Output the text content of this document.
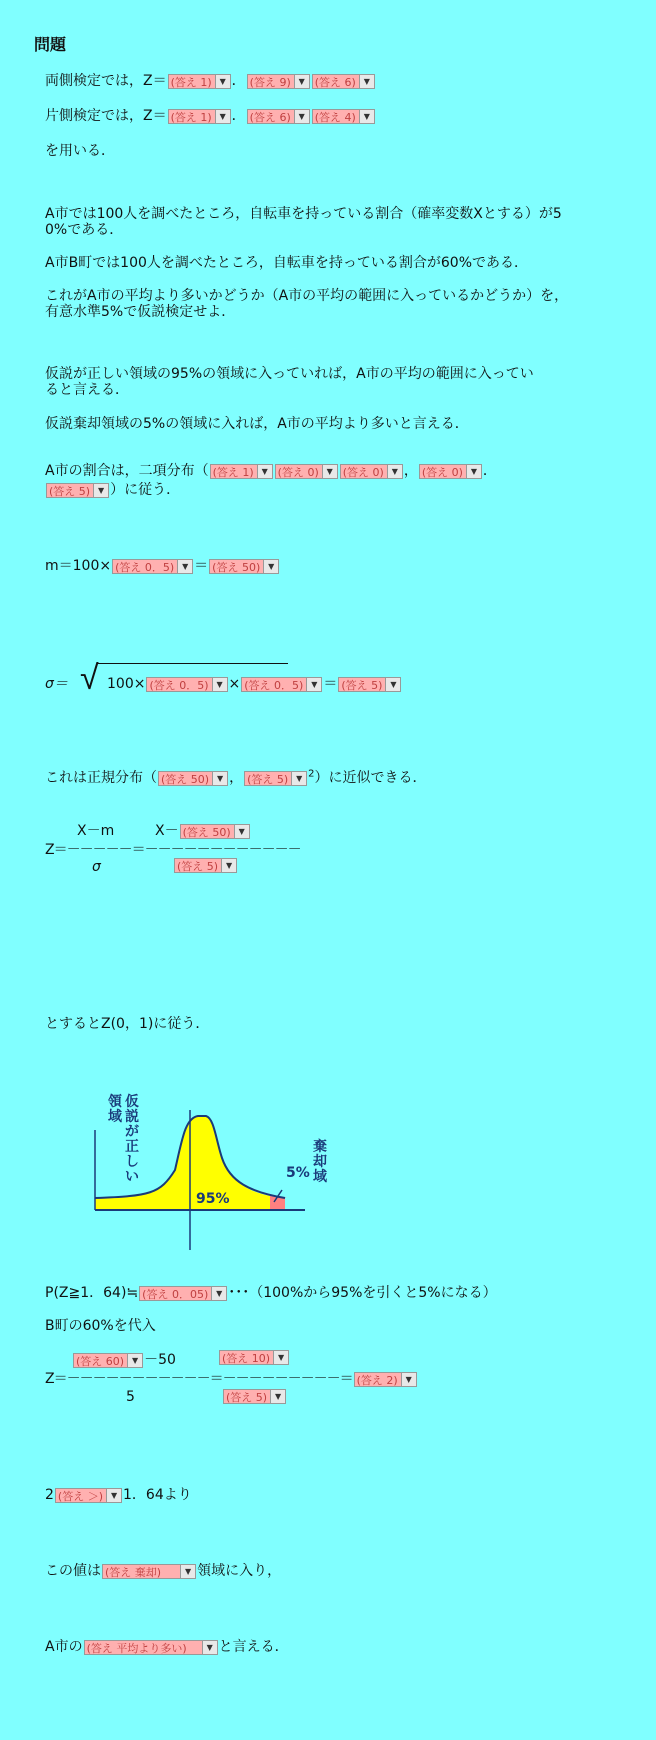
問題
両側検定では，Z＝ (答え 1) ▼ ． (答え 9) ▼ (答え 6) ▼
片側検定では，Z＝ (答え 1) ▼ ． (答え 6) ▼ (答え 4) ▼
を用いる．
A市では100人を調べたところ，自転車を持っている割合（確率変数Xとする）が5
0%である．
A市B町では100人を調べたところ，自転車を持っている割合が60%である．
これがA市の平均より多いかどうか（A市の平均の範囲に入っているかどうか）を，
有意水準5%で仮説検定せよ．
仮説が正しい領域の95%の領域に入っていれば，A市の平均の範囲に入ってい
ると言える．
仮説棄却領域の5%の領域に入れば，A市の平均より多いと言える．
A市の割合は，二項分布（ (答え 1) ▼ (答え 0) ▼ (答え 0) ▼ ， (答え 0) ▼ ．
(答え 5) ▼ ）に従う．
m＝100× (答え 0．5) ▼ ＝ (答え 50) ▼
σ＝ √ 100× (答え 0．5) ▼ × (答え 0．5) ▼ ＝ (答え 5) ▼
これは正規分布（ (答え 50) ▼ ， (答え 5) ▼ $^2$）に近似できる．
X－m	X－ (答え 50) ▼
Z＝－－－－－＝－－－－－－－－－－－－
σ	(答え 5) ▼
とするとZ(0，1)に従う．
仮
説
が
正
し
い
領
域
棄
却
域
95%
5%
P(Z≧1．64)≒ (答え 0．05) ▼ ･･･（100%から95%を引くと5%になる）
B町の60%を代入
(答え 60) ▼ －50	(答え 10) ▼
Z＝－－－－－－－－－－－＝－－－－－－－－－＝ (答え 2) ▼
5	(答え 5) ▼
2 (答え ＞) ▼ 1．64より
この値は (答え 棄却)	▼ 領域に入り，
A市の (答え 平均より多い)	▼ と言える．
